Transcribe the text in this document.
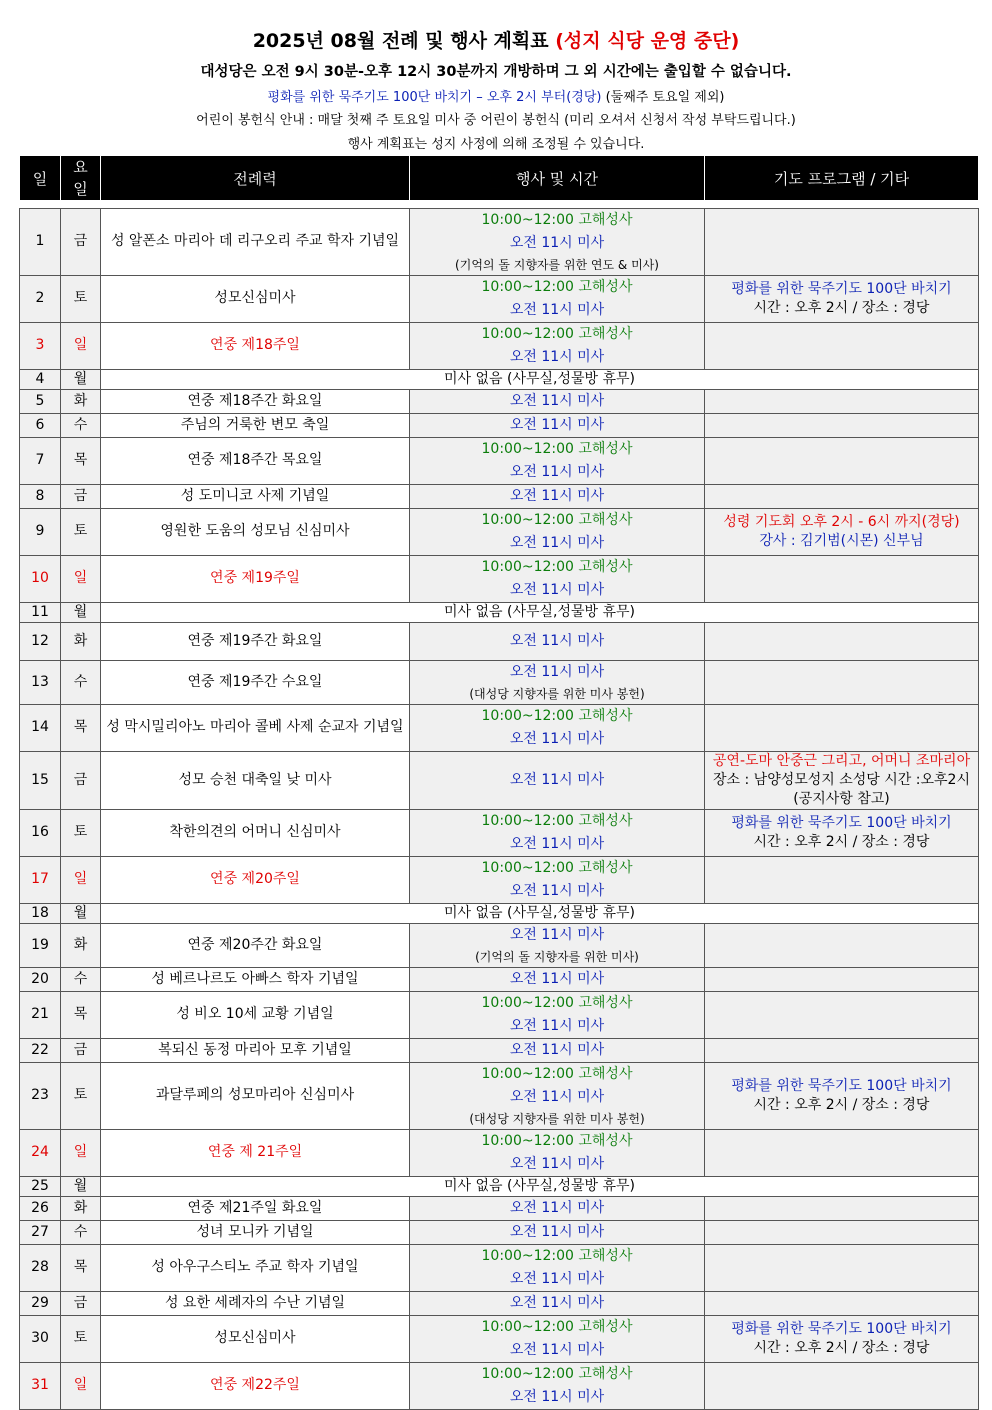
2025년 08월 전례 및 행사 계획표 (성지 식당 운영 중단)
대성당은 오전 9시 30분-오후 12시 30분까지 개방하며 그 외 시간에는 출입할 수 없습니다.
평화를 위한 묵주기도 100단 바치기 – 오후 2시 부터(경당) (둘째주 토요일 제외)
어린이 봉헌식 안내 : 매달 첫째 주 토요일 미사 중 어린이 봉헌식 (미리 오셔서 신청서 작성 부탁드립니다.)
행사 계획표는 성지 사정에 의해 조정될 수 있습니다.
일	요일	전례력	행사 및 시간	기도 프로그램 / 기타

1	금	성 알폰소 마리아 데 리구오리 주교 학자 기념일	10:00~12:00 고해성사
오전 11시 미사
(기억의 돌 지향자를 위한 연도 & 미사)	

2	토	성모신심미사	10:00~12:00 고해성사
오전 11시 미사	평화를 위한 묵주기도 100단 바치기
시간 : 오후 2시 / 장소 : 경당

3	일	연중 제18주일	10:00~12:00 고해성사
오전 11시 미사	

4	월	미사 없음 (사무실,성물방 휴무)		
5	화	연중 제18주간 화요일	오전 11시 미사	

6	수	주님의 거룩한 변모 축일	오전 11시 미사	

7	목	연중 제18주간 목요일	10:00~12:00 고해성사
오전 11시 미사	

8	금	성 도미니코 사제 기념일	오전 11시 미사	

9	토	영원한 도움의 성모님 신심미사	10:00~12:00 고해성사
오전 11시 미사	성령 기도회 오후 2시 - 6시 까지(경당)
강사 : 김기범(시몬) 신부님

10	일	연중 제19주일	10:00~12:00 고해성사
오전 11시 미사	

11	월	미사 없음 (사무실,성물방 휴무)		
12	화	연중 제19주간 화요일	오전 11시 미사	

13	수	연중 제19주간 수요일	오전 11시 미사
(대성당 지향자를 위한 미사 봉헌)	

14	목	성 막시밀리아노 마리아 콜베 사제 순교자 기념일	10:00~12:00 고해성사
오전 11시 미사	

15	금	성모 승천 대축일 낮 미사	오전 11시 미사	공연-도마 안중근 그리고, 어머니 조마리아
장소 : 남양성모성지 소성당 시간 :오후2시
(공지사항 참고)

16	토	착한의견의 어머니 신심미사	10:00~12:00 고해성사
오전 11시 미사	평화를 위한 묵주기도 100단 바치기
시간 : 오후 2시 / 장소 : 경당

17	일	연중 제20주일	10:00~12:00 고해성사
오전 11시 미사	

18	월	미사 없음 (사무실,성물방 휴무)		
19	화	연중 제20주간 화요일	오전 11시 미사
(기억의 돌 지향자를 위한 미사)	

20	수	성 베르나르도 아빠스 학자 기념일	오전 11시 미사	

21	목	성 비오 10세 교황 기념일	10:00~12:00 고해성사
오전 11시 미사	

22	금	복되신 동정 마리아 모후 기념일	오전 11시 미사	

23	토	과달루페의 성모마리아 신심미사	10:00~12:00 고해성사
오전 11시 미사
(대성당 지향자를 위한 미사 봉헌)	평화를 위한 묵주기도 100단 바치기
시간 : 오후 2시 / 장소 : 경당

24	일	연중 제 21주일	10:00~12:00 고해성사
오전 11시 미사	

25	월	미사 없음 (사무실,성물방 휴무)		
26	화	연중 제21주일 화요일	오전 11시 미사	

27	수	성녀 모니카 기념일	오전 11시 미사	

28	목	성 아우구스티노 주교 학자 기념일	10:00~12:00 고해성사
오전 11시 미사	

29	금	성 요한 세례자의 수난 기념일	오전 11시 미사	

30	토	성모신심미사	10:00~12:00 고해성사
오전 11시 미사	평화를 위한 묵주기도 100단 바치기
시간 : 오후 2시 / 장소 : 경당

31	일	연중 제22주일	10:00~12:00 고해성사
오전 11시 미사	
